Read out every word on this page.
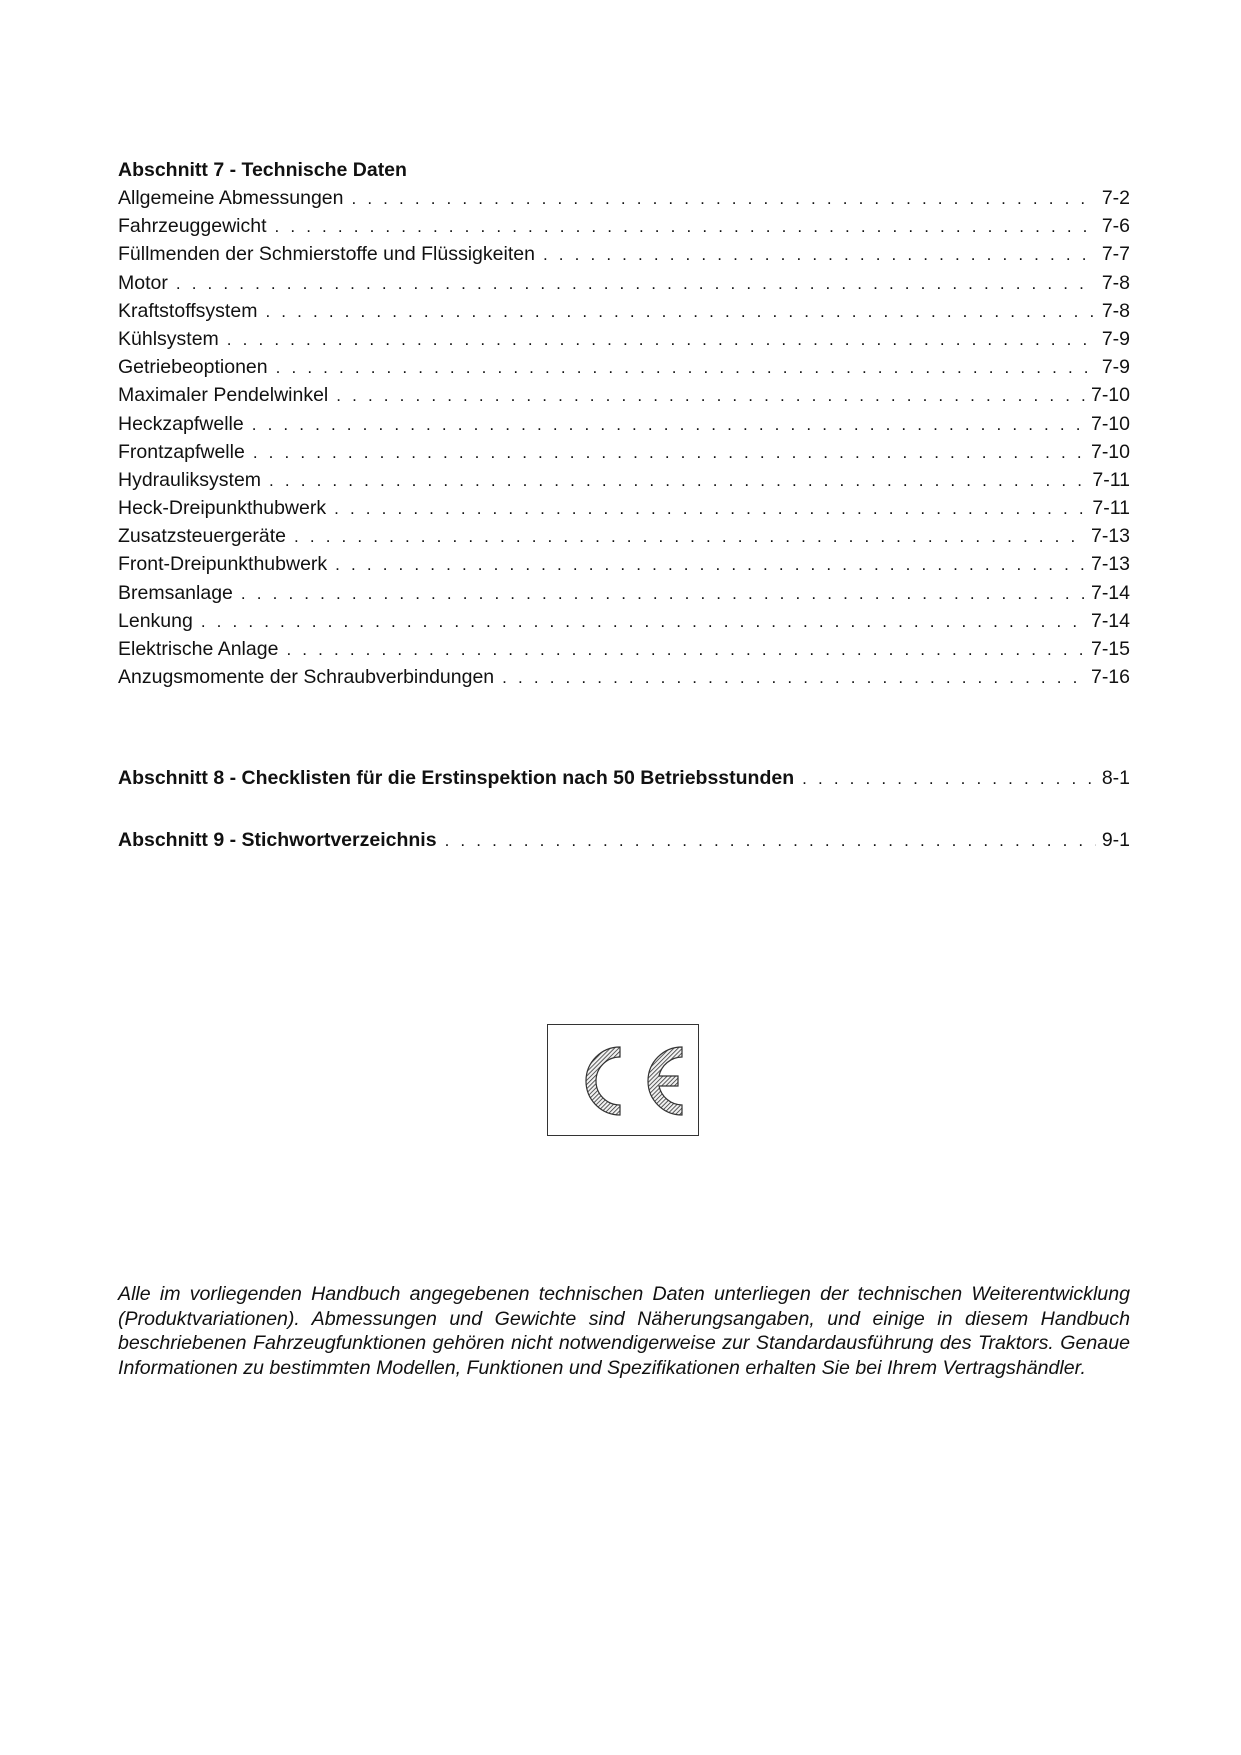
Abschnitt 7 - Technische Daten
Allgemeine Abmessungen . . .	7-2
Fahrzeuggewicht . . .	7-6
Füllmenden der Schmierstoffe und Flüssigkeiten . . .	7-7
Motor . . .	7-8
Kraftstoffsystem . . .	7-8
Kühlsystem . . .	7-9
Getriebeoptionen . . .	7-9
Maximaler Pendelwinkel . . .	7-10
Heckzapfwelle . . .	7-10
Frontzapfwelle . . .	7-10
Hydrauliksystem . . .	7-11
Heck-Dreipunkthubwerk . . .	7-11
Zusatzsteuergeräte . . .	7-13
Front-Dreipunkthubwerk . . .	7-13
Bremsanlage . . .	7-14
Lenkung . . .	7-14
Elektrische Anlage . . .	7-15
Anzugsmomente der Schraubverbindungen . . .	7-16
Abschnitt 8 - Checklisten für die Erstinspektion nach 50 Betriebsstunden . . .	8-1
Abschnitt 9 - Stichwortverzeichnis . . .	9-1
Alle im vorliegenden Handbuch angegebenen technischen Daten unterliegen der technischen Weiterentwicklung (Produktvariationen). Abmessungen und Gewichte sind Näherungsangaben, und einige in diesem Handbuch beschriebenen Fahrzeugfunktionen gehören nicht notwendigerweise zur Standardausführung des Traktors. Genaue Informationen zu bestimmten Modellen, Funktionen und Spezifikationen erhalten Sie bei Ihrem Vertragshändler.
